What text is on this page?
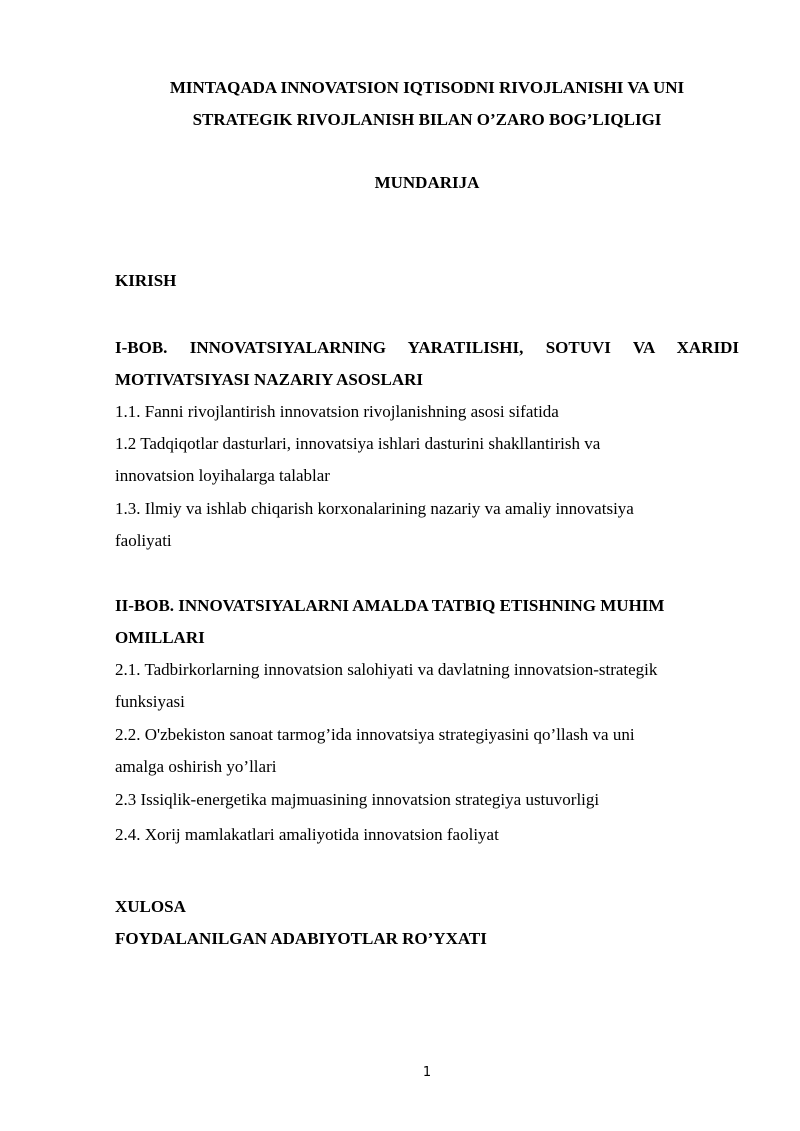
MINTAQADA INNOVATSION IQTISODNI RIVOJLANISHI VA UNI
STRATEGIK RIVOJLANISH BILAN O’ZARO BOG’LIQLIGI
MUNDARIJA
KIRISH
I-BOB. INNOVATSIYALARNING YARATILISHI, SOTUVI VA XARIDI
MOTIVATSIYASI NAZARIY ASOSLARI
1.1. Fanni rivojlantirish innovatsion rivojlanishning asosi sifatida
1.2 Tadqiqotlar dasturlari, innovatsiya ishlari dasturini shakllantirish va
innovatsion loyihalarga talablar
1.3. Ilmiy va ishlab chiqarish korxonalarining nazariy va amaliy innovatsiya
faoliyati
II-BOB. INNOVATSIYALARNI AMALDA TATBIQ ETISHNING MUHIM
OMILLARI
2.1. Tadbirkorlarning innovatsion salohiyati va davlatning innovatsion-strategik
funksiyasi
2.2. O'zbekiston sanoat tarmog’ida innovatsiya strategiyasini qo’llash va uni
amalga oshirish yo’llari
2.3 Issiqlik-energetika majmuasining innovatsion strategiya ustuvorligi
2.4. Xorij mamlakatlari amaliyotida innovatsion faoliyat
XULOSA
FOYDALANILGAN ADABIYOTLAR RO’YXATI
1
